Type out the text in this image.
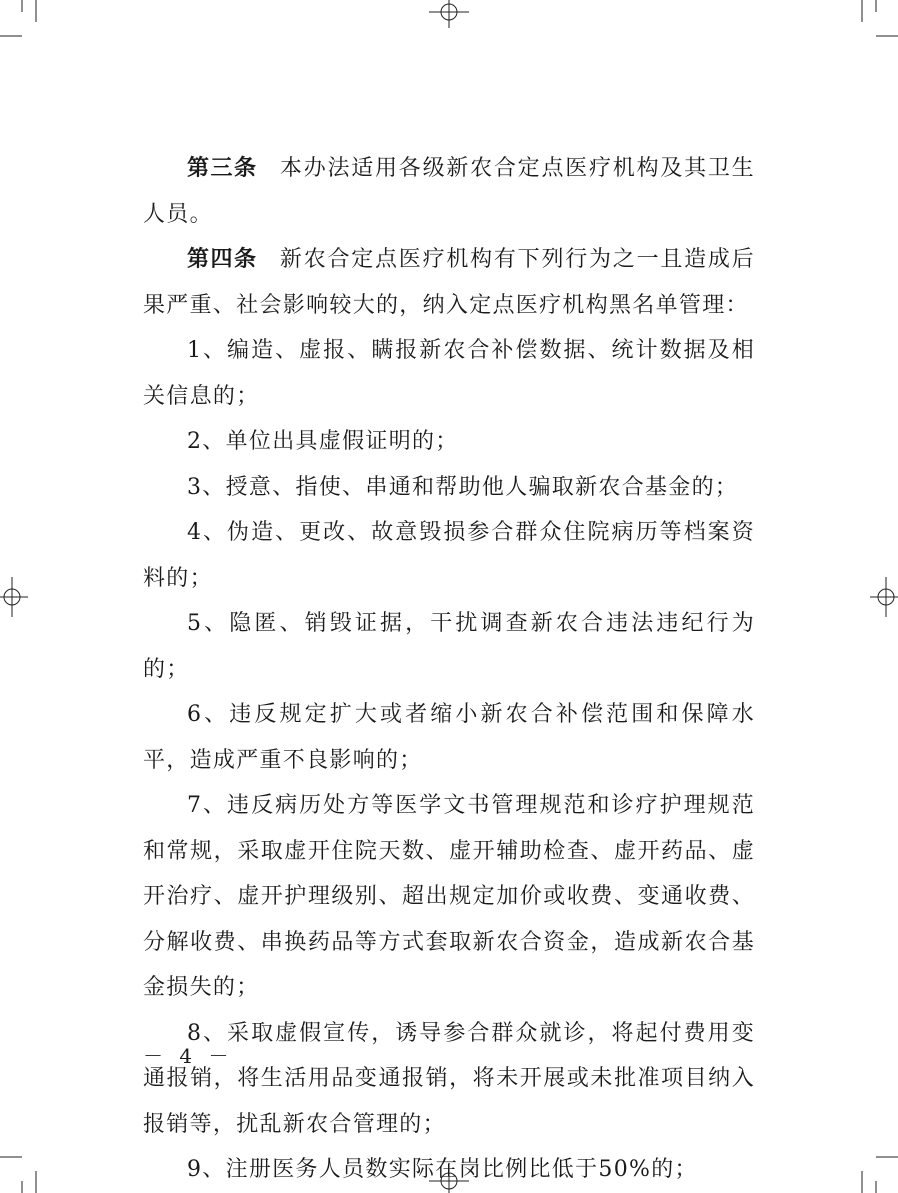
第三条 本办法适用各级新农合定点医疗机构及其卫生人员。

第四条 新农合定点医疗机构有下列行为之一且造成后果严重、社会影响较大的，纳入定点医疗机构黑名单管理：

1、编造、虚报、瞒报新农合补偿数据、统计数据及相关信息的；

2、单位出具虚假证明的；

3、授意、指使、串通和帮助他人骗取新农合基金的；

4、伪造、更改、故意毁损参合群众住院病历等档案资料的；

5、隐匿、销毁证据，干扰调查新农合违法违纪行为的；

6、违反规定扩大或者缩小新农合补偿范围和保障水平，造成严重不良影响的；

7、违反病历处方等医学文书管理规范和诊疗护理规范和常规，采取虚开住院天数、虚开辅助检查、虚开药品、虚开治疗、虚开护理级别、超出规定加价或收费、变通收费、分解收费、串换药品等方式套取新农合资金，造成新农合基金损失的；

8、采取虚假宣传，诱导参合群众就诊，将起付费用变通报销，将生活用品变通报销，将未开展或未批准项目纳入报销等，扰乱新农合管理的；

9、注册医务人员数实际在岗比例比低于50%的；

－ 4 －
